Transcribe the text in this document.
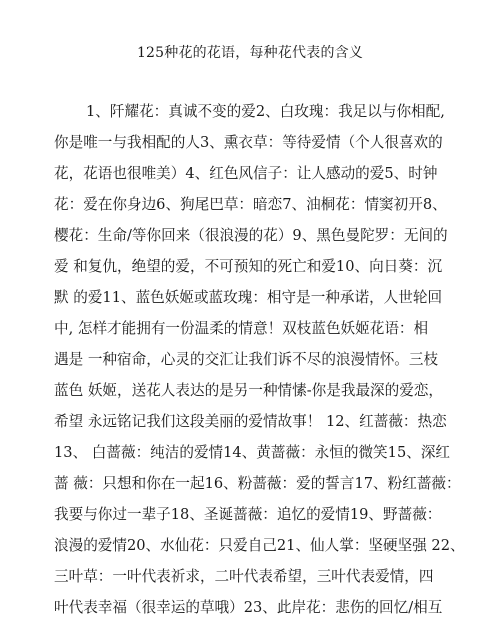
125种花的花语，每种花代表的含义
1、阡耀花：真诚不变的爱2、白玫瑰：我足以与你相配,
你是唯一与我相配的人3、熏衣草：等待爱情（个人很喜欢的
花，花语也很唯美）4、红色风信子：让人感动的爱5、时钟
花：爱在你身边6、狗尾巴草：暗恋7、油桐花：情窦初开8、
樱花：生命/等你回来（很浪漫的花）9、黑色曼陀罗：无间的
爱 和复仇，绝望的爱，不可预知的死亡和爱10、向日葵：沉
默 的爱11、蓝色妖姬或蓝玫瑰：相守是一种承诺，人世轮回
中, 怎样才能拥有一份温柔的情意！双枝蓝色妖姬花语：相
遇是 一种宿命，心灵的交汇让我们诉不尽的浪漫情怀。三枝
蓝色 妖姬，送花人表达的是另一种情愫-你是我最深的爱恋，
希望 永远铭记我们这段美丽的爱情故事！ 12、红蔷薇：热恋
13、 白蔷薇：纯洁的爱情14、黄蔷薇：永恒的微笑15、深红
蔷 薇：只想和你在一起16、粉蔷薇：爱的誓言17、粉红蔷薇：
我要与你过一辈子18、圣诞蔷薇：追忆的爱情19、野蔷薇：
浪漫的爱情20、水仙花：只爱自己21、仙人掌：坚硬坚强 22、
三叶草：一叶代表祈求，二叶代表希望，三叶代表爱情，四
叶代表幸福（很幸运的草哦）23、此岸花：悲伤的回忆/相互
